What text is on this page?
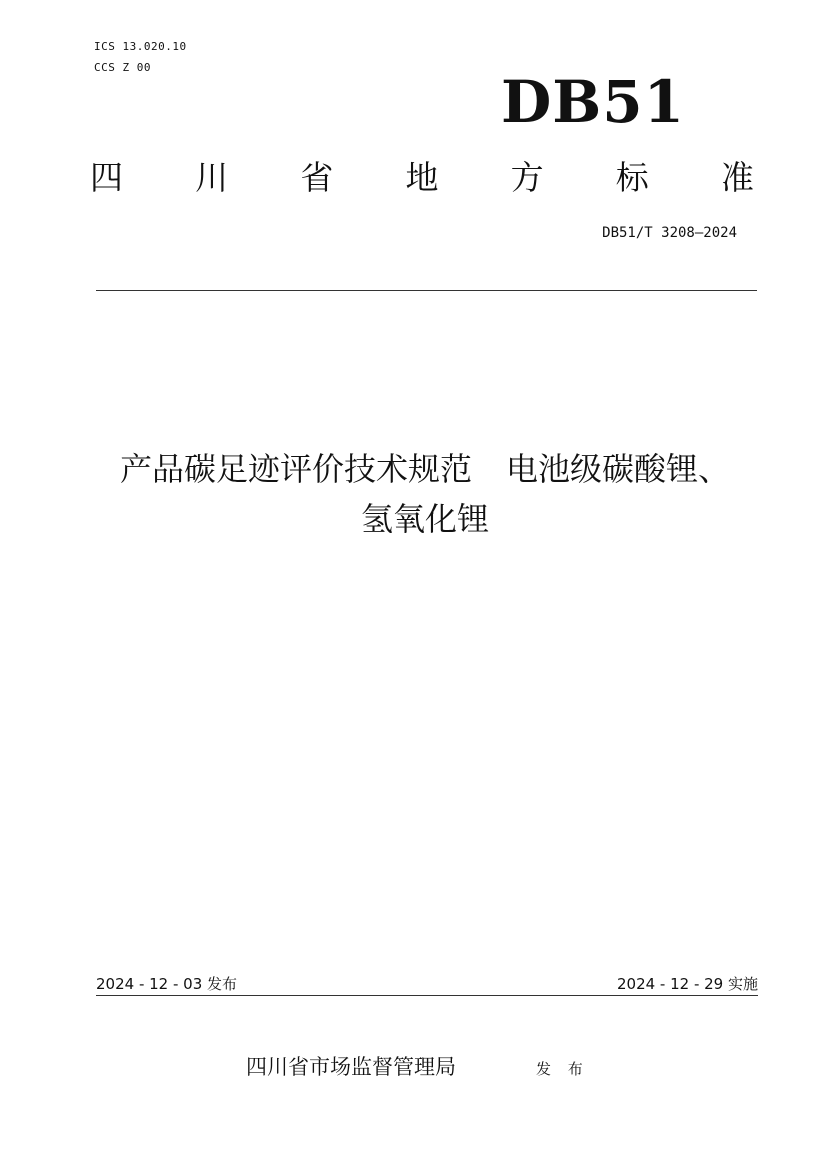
ICS 13.020.10
CCS Z 00
DB51
四 川 省 地 方 标 准
DB51/T 3208—2024
产品碳足迹评价技术规范 电池级碳酸锂、
氢氧化锂
2024 - 12 - 03 发布	2024 - 12 - 29 实施
四川省市场监督管理局	发 布
